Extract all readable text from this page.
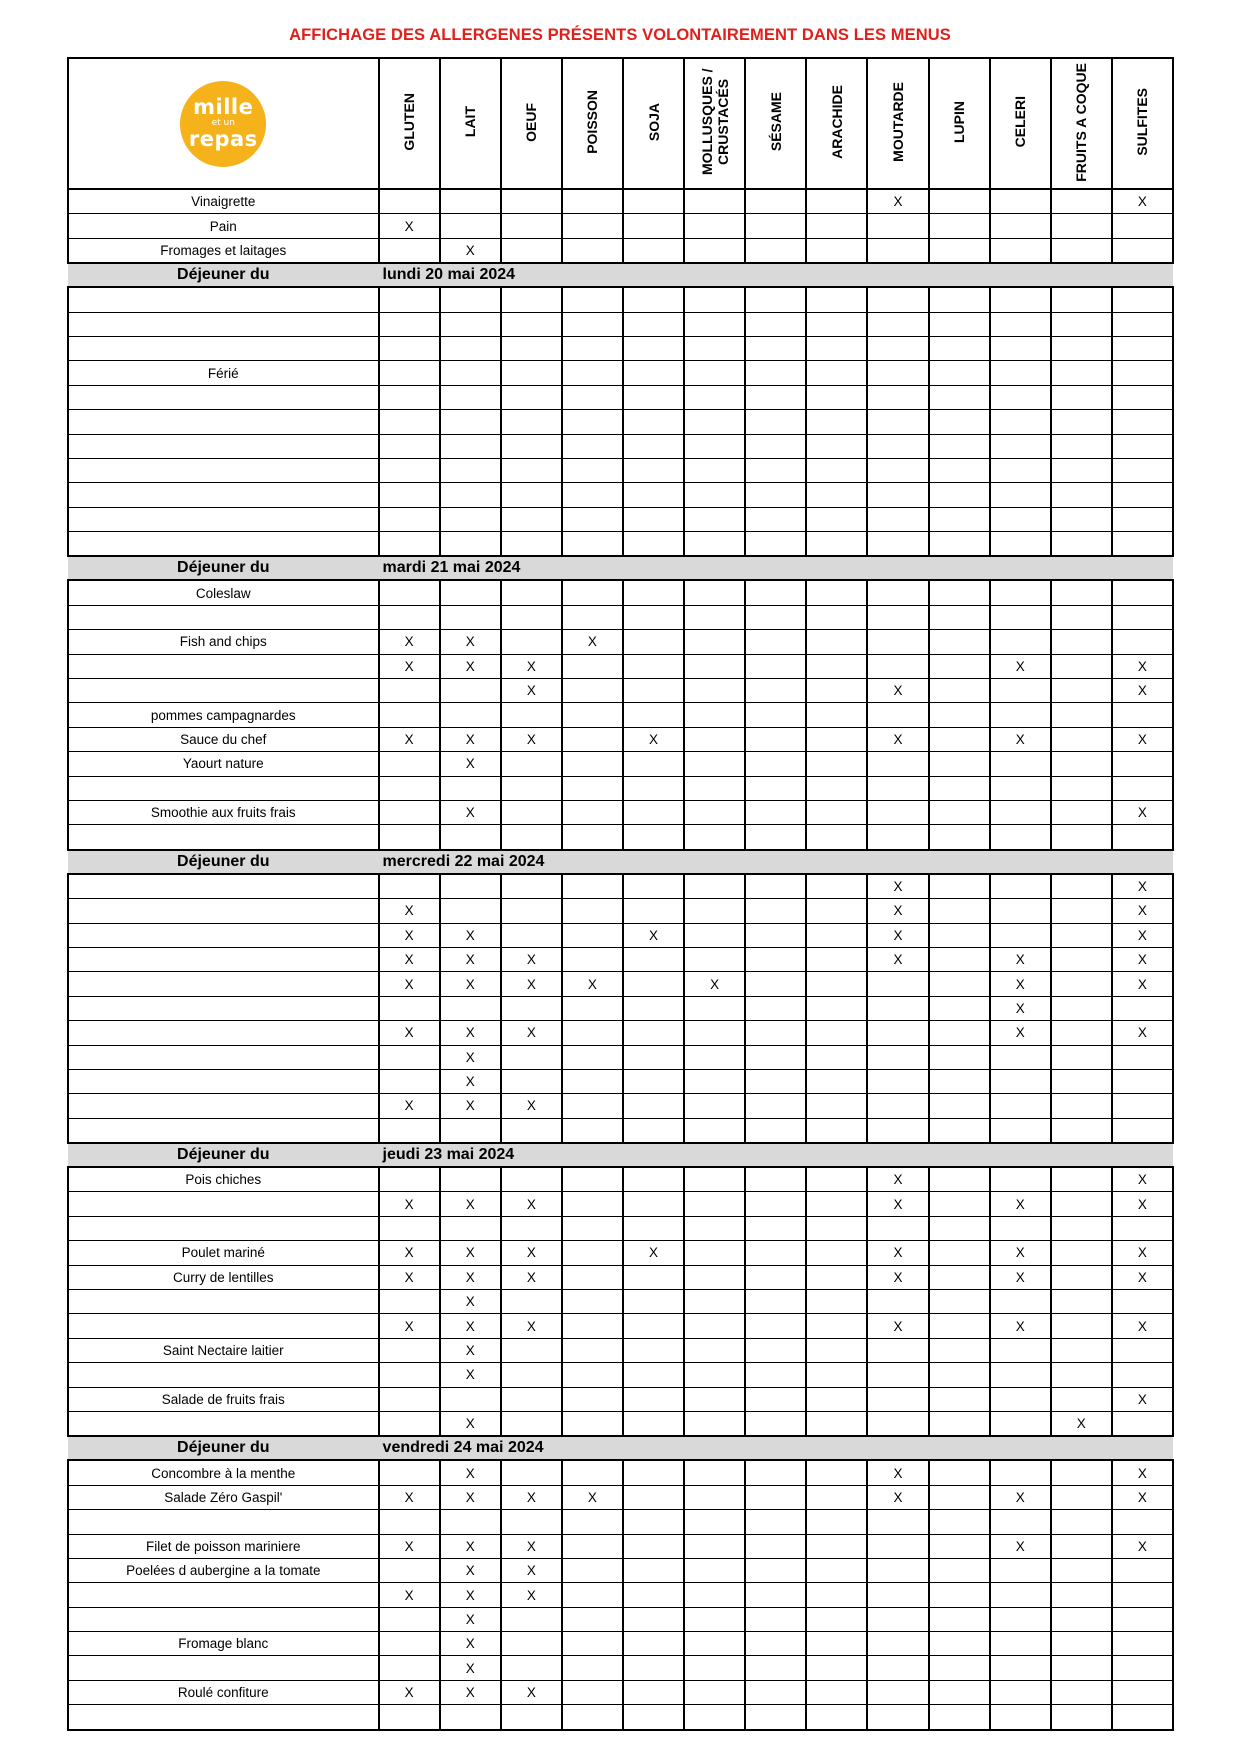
AFFICHAGE DES ALLERGENES PRÉSENTS VOLONTAIREMENT DANS LES MENUS
mille
et un
repas	GLUTEN	LAIT	OEUF	POISSON	SOJA	MOLLUSQUES / CRUSTACÉS	SÉSAME	ARACHIDE	MOUTARDE	LUPIN	CELERI	FRUITS A COQUE	SULFITES
Vinaigrette									X				X
Pain	X												
Fromages et laitages		X											
Déjeuner du	lundi 20 mai 2024												

Férié													

Déjeuner du	mardi 21 mai 2024												
Coleslaw													

Fish and chips	X	X		X									
	X	X	X								X		X
			X						X				X
pommes campagnardes													
Sauce du chef	X	X	X		X				X		X		X
Yaourt nature		X											

Smoothie aux fruits frais		X											X

Déjeuner du	mercredi 22 mai 2024												
									X				X
	X								X				X
	X	X			X				X				X
	X	X	X						X		X		X
	X	X	X	X		X					X		X
											X		
	X	X	X								X		X
		X											
		X											
	X	X	X										

Déjeuner du	jeudi 23 mai 2024												
Pois chiches									X				X
	X	X	X						X		X		X

Poulet mariné	X	X	X		X				X		X		X
Curry de lentilles	X	X	X						X		X		X
		X											
	X	X	X						X		X		X
Saint Nectaire laitier		X											
		X											
Salade de fruits frais													X
		X										X	
Déjeuner du	vendredi 24 mai 2024												
Concombre à la menthe		X							X				X
Salade Zéro Gaspil'	X	X	X	X					X		X		X

Filet de poisson mariniere	X	X	X								X		X
Poelées d aubergine a la tomate		X	X										
	X	X	X										
		X											
Fromage blanc		X											
		X											
Roulé confiture	X	X	X										
